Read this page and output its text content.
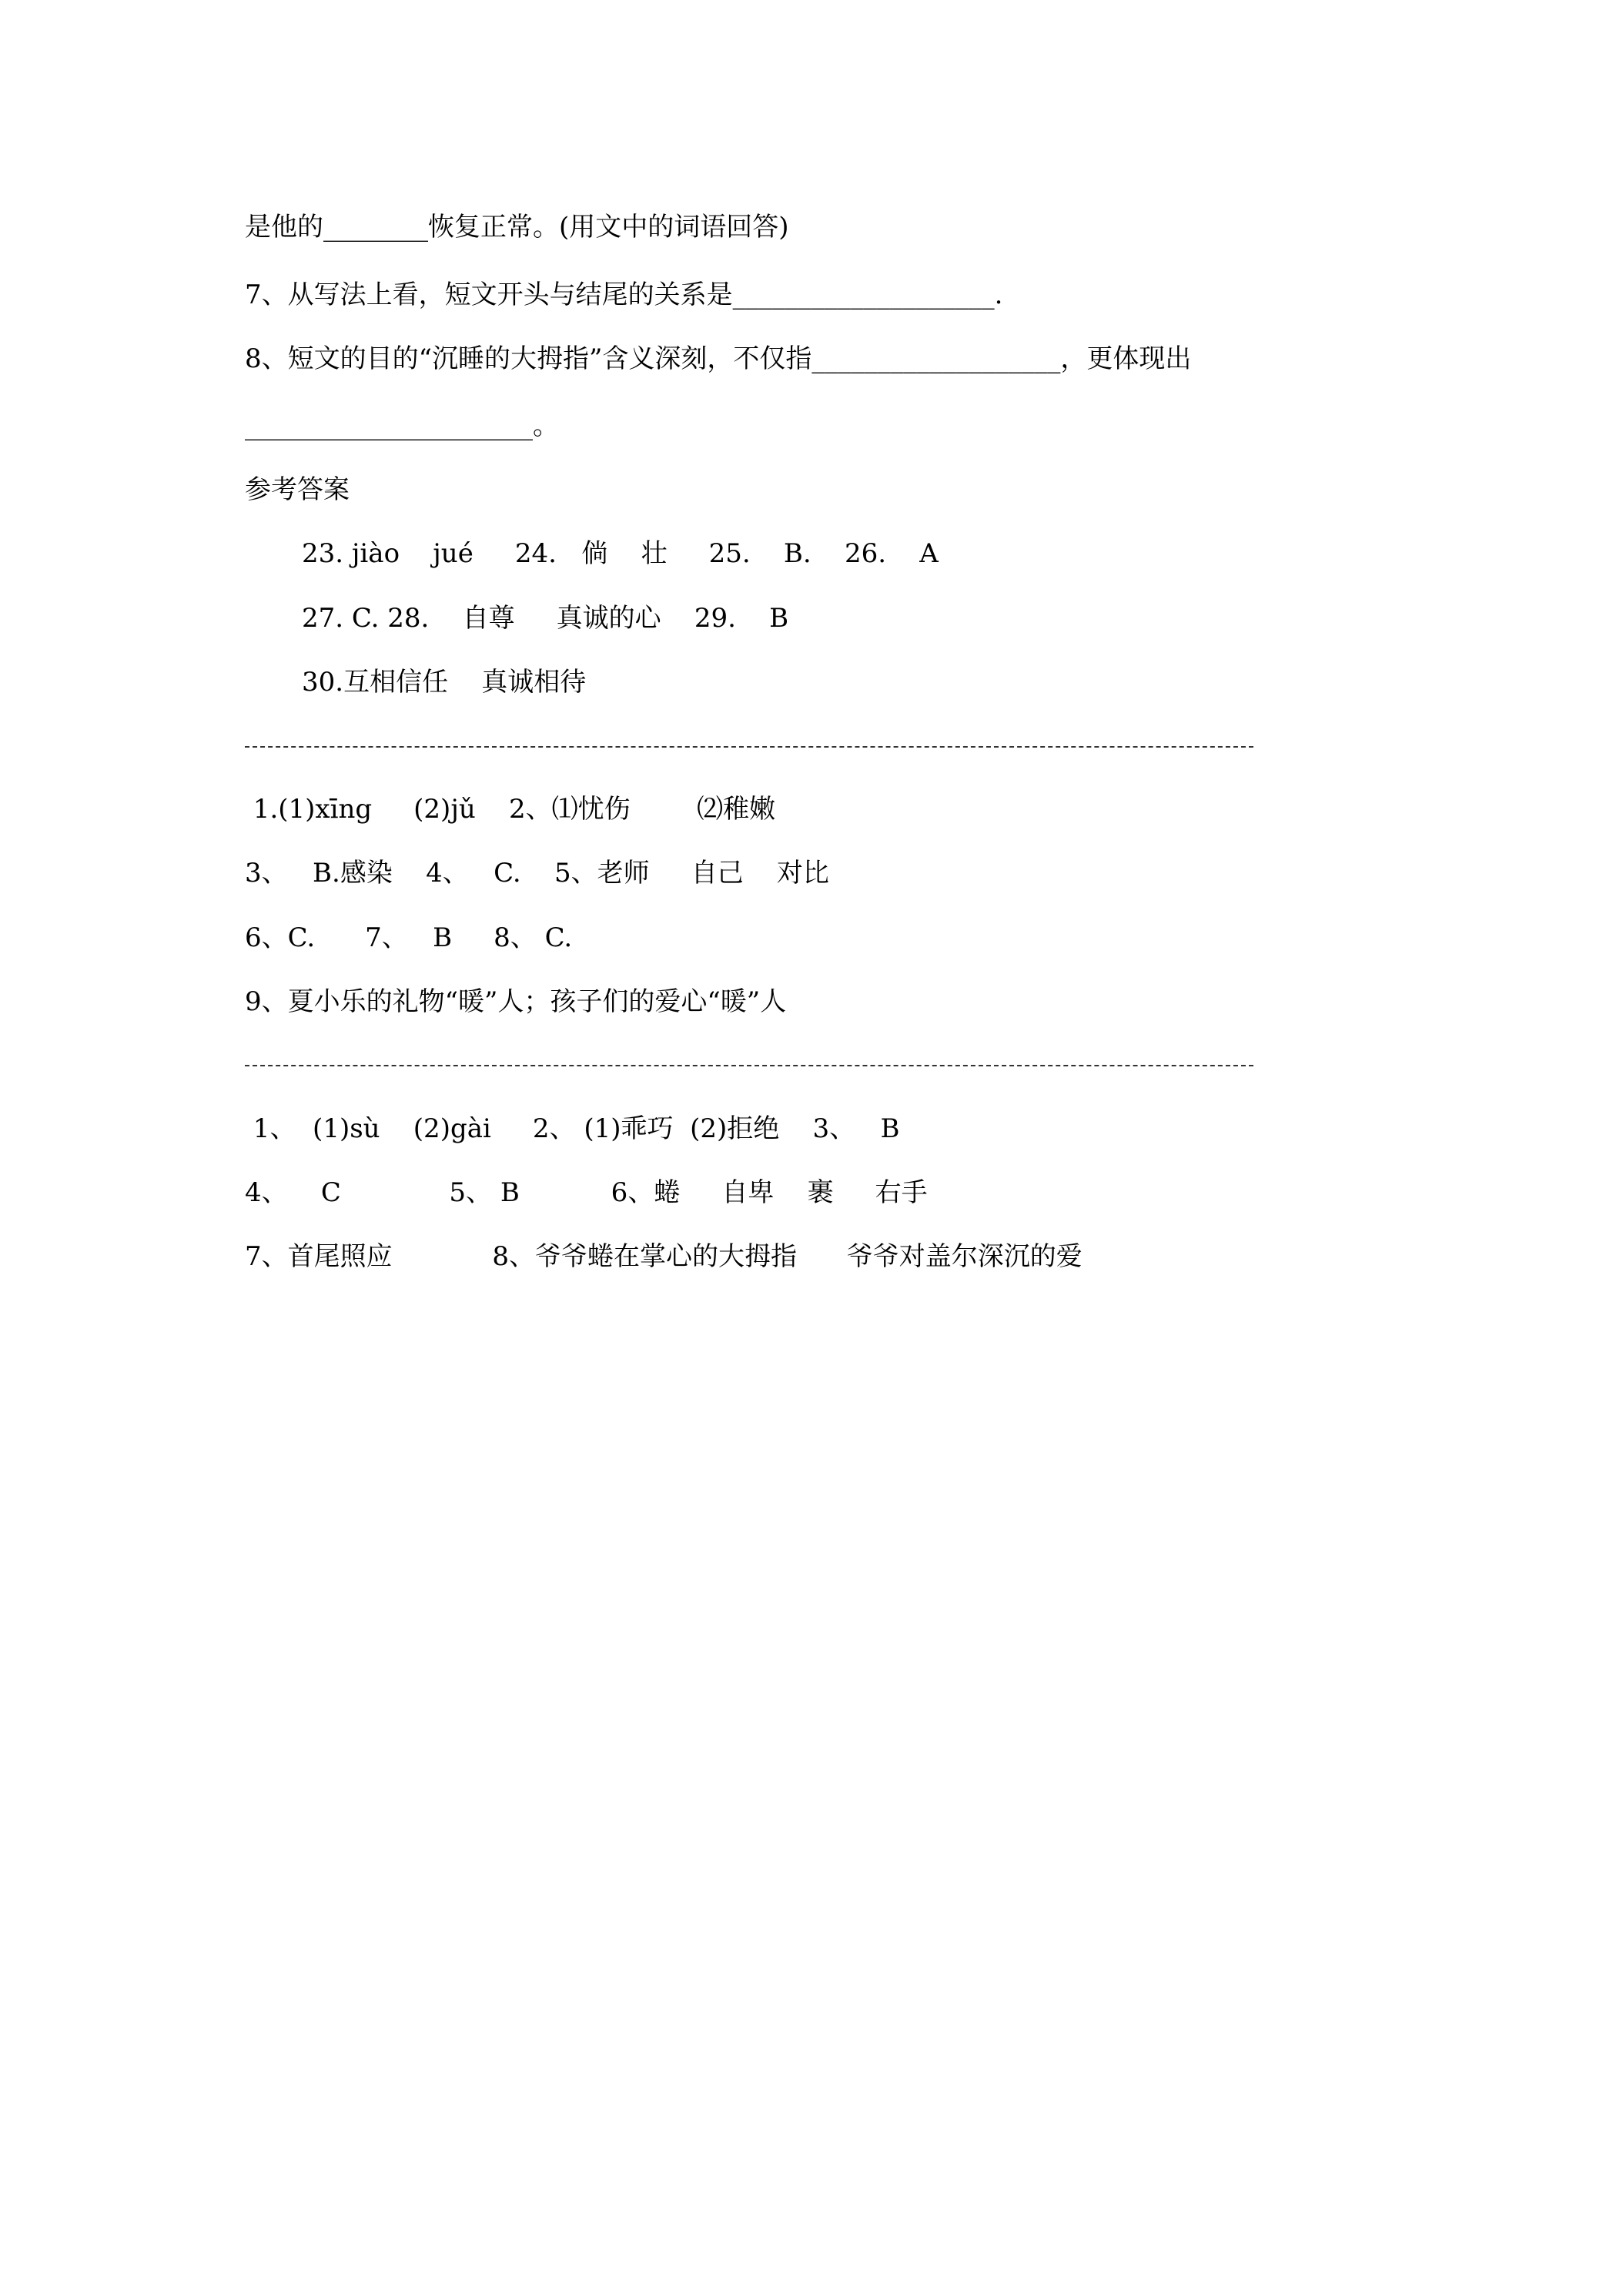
是他的________恢复正常。(用文中的词语回答)

7、从写法上看，短文开头与结尾的关系是____________________.

8、短文的目的“沉睡的大拇指”含义深刻，不仅指___________________，更体现出

______________________。

参考答案

23. jiào    jué     24.   倘    壮     25.    B.    26.    A

27. C. 28.    自尊     真诚的心    29.    B

30.互相信任    真诚相待

1.(1)xīng     (2)jǔ    2、⑴忧伤        ⑵稚嫩

3、   B.感染    4、   C.    5、老师     自己    对比

6、C.      7、   B     8、 C.

9、夏小乐的礼物“暖”人；孩子们的爱心“暖”人

1、  (1)sù    (2)gài     2、 (1)乖巧  (2)拒绝    3、   B

4、    C             5、 B           6、蜷     自卑    裹     右手

7、首尾照应            8、爷爷蜷在掌心的大拇指      爷爷对盖尔深沉的爱
